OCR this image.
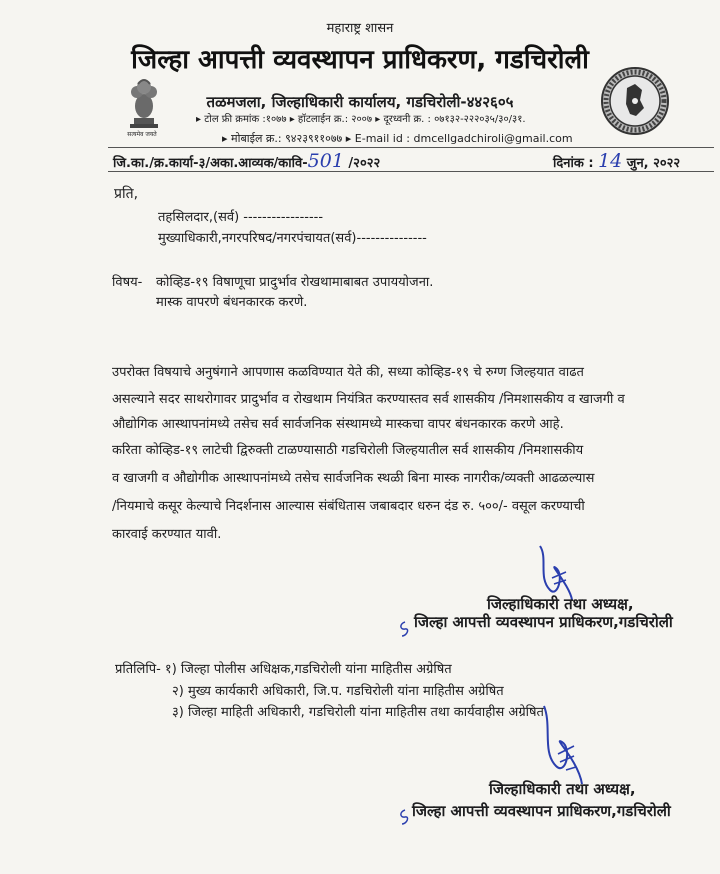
सत्यमेव जयते
महाराष्ट्र शासन
जिल्हा आपत्ती व्यवस्थापन प्राधिकरण, गडचिरोली
तळमजला, जिल्हाधिकारी कार्यालय, गडचिरोली-४४२६०५
▸ टोल फ्री क्रमांक :१०७७ ▸ हॉटलाईन क्र.: २००७ ▸ दूरध्वनी क्र. : ०७१३२-२२२०३५/३०/३१.
▸ मोबाईल क्र.: ९४२३९११०७७ ▸ E-mail id : dmcellgadchiroli@gmail.com
जि.का./क्र.कार्या-३/अका.आव्यक/कावि-501 /२०२२	दिनांक : 14 जुन, २०२२
प्रति,
तहसिलदार,(सर्व) -----------------
मुख्याधिकारी,नगरपरिषद/नगरपंचायत(सर्व)---------------
विषय- कोव्हिड-१९ विषाणूचा प्रादुर्भाव रोखथामाबाबत उपाययोजना.
मास्क वापरणे बंधनकारक करणे.
उपरोक्त विषयाचे अनुषंगाने आपणास कळविण्यात येते की, सध्या कोव्हिड-१९ चे रुग्ण जिल्हयात वाढत
असल्याने सदर साथरोगावर प्रादुर्भाव व रोखथाम नियंत्रित करण्यास्तव सर्व शासकीय /निमशासकीय व खाजगी व
औद्योगिक आस्थापनांमध्ये तसेच सर्व सार्वजनिक संस्थामध्ये मास्कचा वापर बंधनकारक करणे आहे.
करिता कोव्हिड-१९ लाटेची द्विरुक्ती टाळण्यासाठी गडचिरोली जिल्हयातील सर्व शासकीय /निमशासकीय
व खाजगी व औद्योगीक आस्थापनांमध्ये तसेच सार्वजनिक स्थळी बिना मास्क नागरीक/व्यक्ती आढळल्यास
/नियमाचे कसूर केल्याचे निदर्शनास आल्यास संबंधितास जबाबदार धरुन दंड रु. ५००/- वसूल करण्याची
कारवाई करण्यात यावी.
जिल्हाधिकारी तथा अध्यक्ष,
जिल्हा आपत्ती व्यवस्थापन प्राधिकरण,गडचिरोली
प्रतिलिपि- १) जिल्हा पोलीस अधिक्षक,गडचिरोली यांना माहितीस अग्रेषित
२) मुख्य कार्यकारी अधिकारी, जि.प. गडचिरोली यांना माहितीस अग्रेषित
३) जिल्हा माहिती अधिकारी, गडचिरोली यांना माहितीस तथा कार्यवाहीस अग्रेषित
जिल्हाधिकारी तथा अध्यक्ष,
जिल्हा आपत्ती व्यवस्थापन प्राधिकरण,गडचिरोली
